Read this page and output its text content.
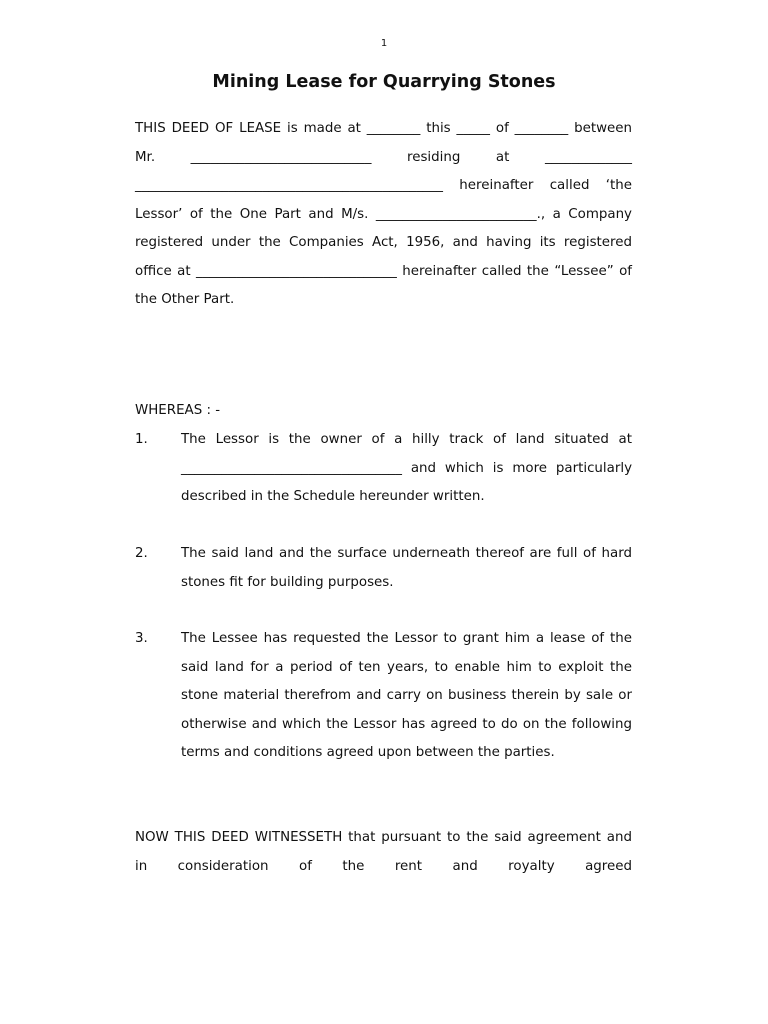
1
Mining Lease for Quarrying Stones

THIS DEED OF LEASE is made at ________ this _____ of ________ between Mr. ___________________________ residing at _____________ ______________________________________________ hereinafter called ‘the Lessor’ of the One Part and M/s. ________________________., a Company registered under the Companies Act, 1956, and having its registered office at ______________________________ hereinafter called the “Lessee” of the Other Part.

WHEREAS : -
1.	The Lessor is the owner of a hilly track of land situated at _________________________________ and which is more particularly described in the Schedule hereunder written.

2.	The said land and the surface underneath thereof are full of hard stones fit for building purposes.

3.	The Lessee has requested the Lessor to grant him a lease of the said land for a period of ten years, to enable him to exploit the stone material therefrom and carry on business therein by sale or otherwise and which the Lessor has agreed to do on the following terms and conditions agreed upon between the parties.

NOW THIS DEED WITNESSETH that pursuant to the said agreement and in consideration of the rent and royalty agreed
